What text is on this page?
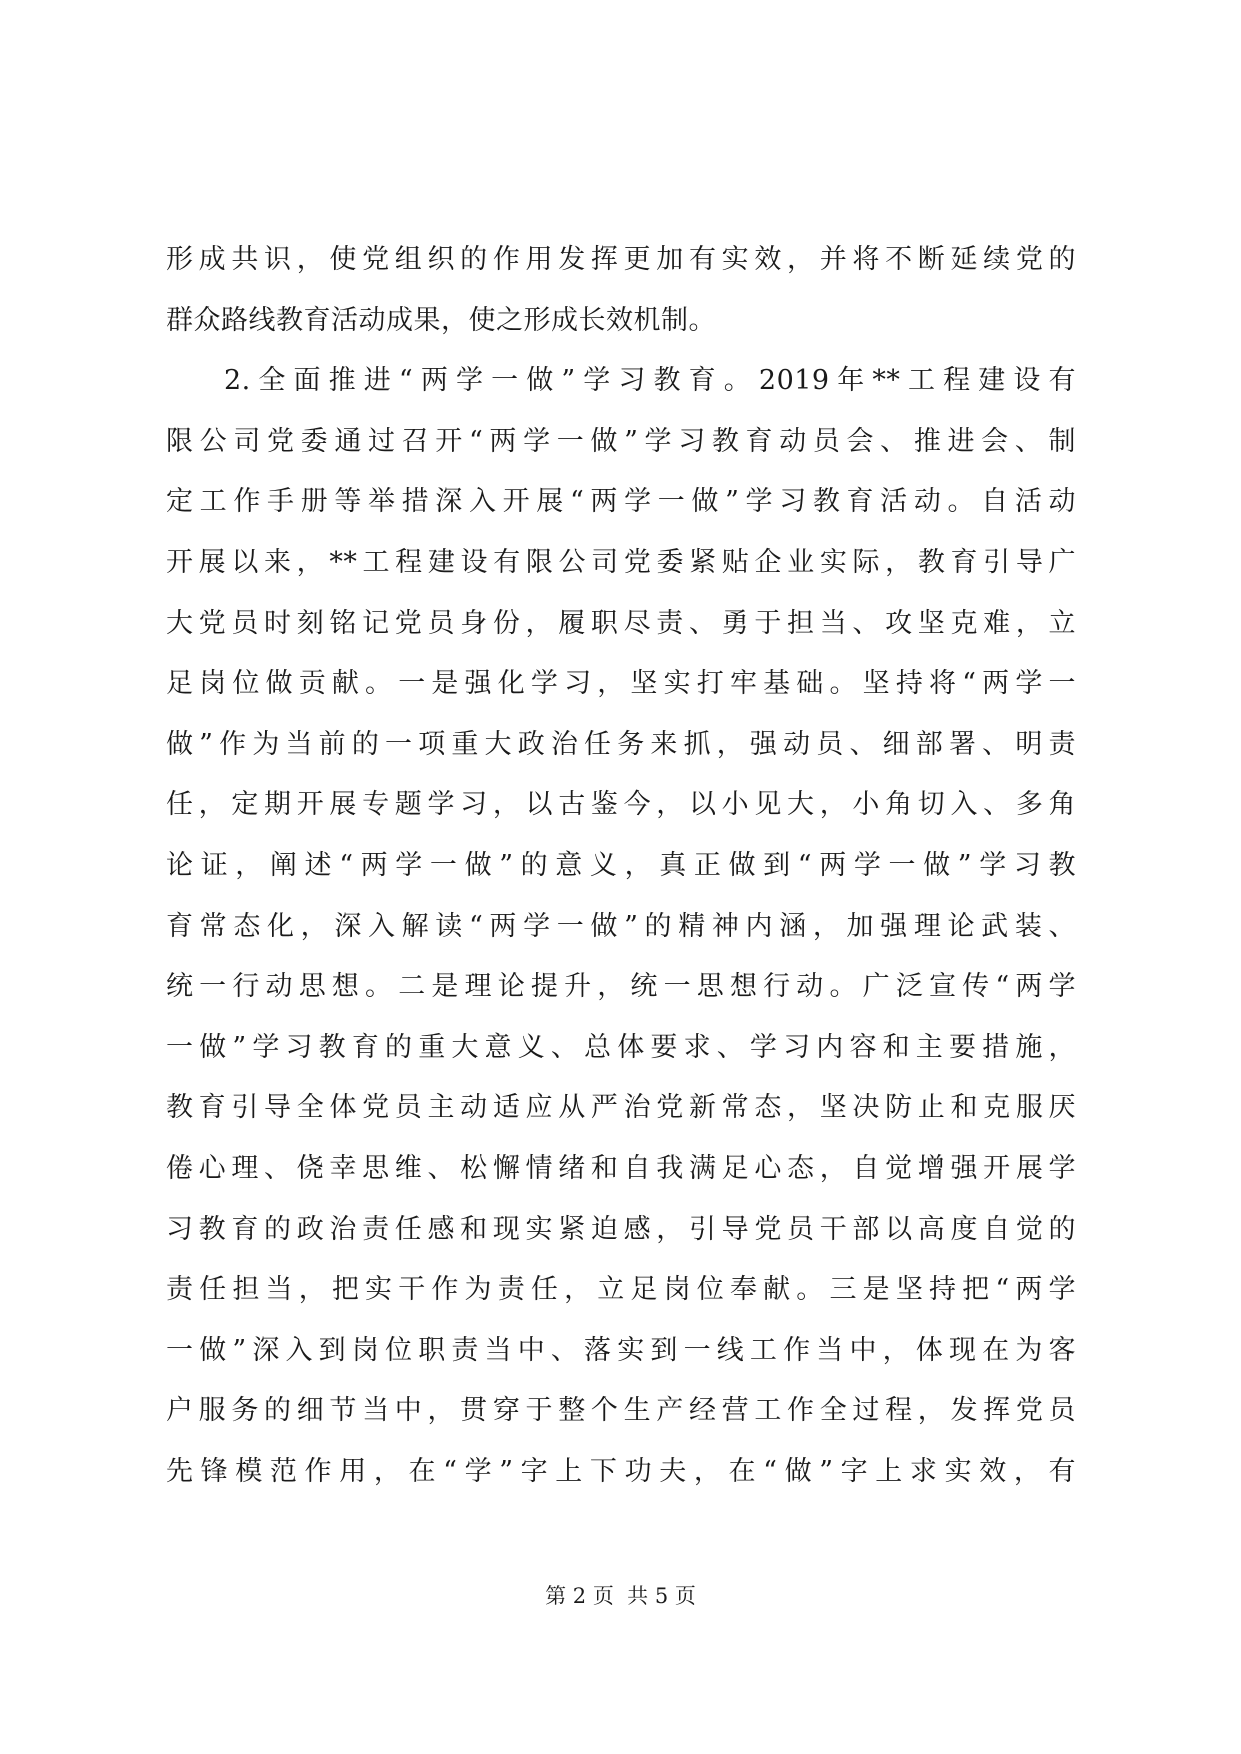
形成共识，使党组织的作用发挥更加有实效，并将不断延续党的
群众路线教育活动成果，使之形成长效机制。
2.全面推进“两学一做”学习教育。2019年**工程建设有
限公司党委通过召开“两学一做”学习教育动员会、推进会、制
定工作手册等举措深入开展“两学一做”学习教育活动。自活动
开展以来，**工程建设有限公司党委紧贴企业实际，教育引导广
大党员时刻铭记党员身份，履职尽责、勇于担当、攻坚克难，立
足岗位做贡献。一是强化学习，坚实打牢基础。坚持将“两学一
做”作为当前的一项重大政治任务来抓，强动员、细部署、明责
任，定期开展专题学习，以古鉴今，以小见大，小角切入、多角
论证，阐述“两学一做”的意义，真正做到“两学一做”学习教
育常态化，深入解读“两学一做”的精神内涵，加强理论武装、
统一行动思想。二是理论提升，统一思想行动。广泛宣传“两学
一做”学习教育的重大意义、总体要求、学习内容和主要措施，
教育引导全体党员主动适应从严治党新常态，坚决防止和克服厌
倦心理、侥幸思维、松懈情绪和自我满足心态，自觉增强开展学
习教育的政治责任感和现实紧迫感，引导党员干部以高度自觉的
责任担当，把实干作为责任，立足岗位奉献。三是坚持把“两学
一做”深入到岗位职责当中、落实到一线工作当中，体现在为客
户服务的细节当中，贯穿于整个生产经营工作全过程，发挥党员
先锋模范作用，在“学”字上下功夫，在“做”字上求实效，有
第 2 页  共 5 页
